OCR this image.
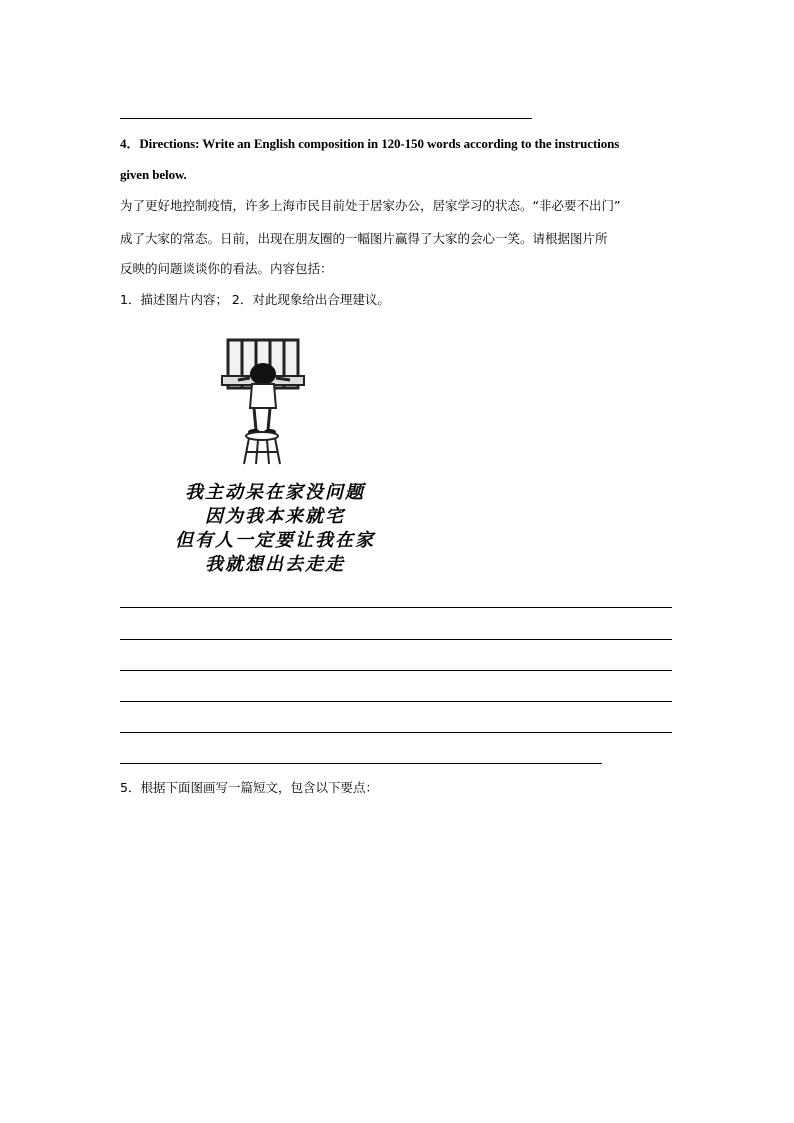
4．Directions: Write an English composition in 120-150 words according to the instructions
given below.
为了更好地控制疫情，许多上海市民目前处于居家办公，居家学习的状态。“非必要不出门”
成了大家的常态。日前，出现在朋友圈的一幅图片赢得了大家的会心一笑。请根据图片所
反映的问题谈谈你的看法。内容包括：
1．描述图片内容； 2．对此现象给出合理建议。
我主动呆在家没问题
因为我本来就宅
但有人一定要让我在家
我就想出去走走
5．根据下面图画写一篇短文，包含以下要点：
